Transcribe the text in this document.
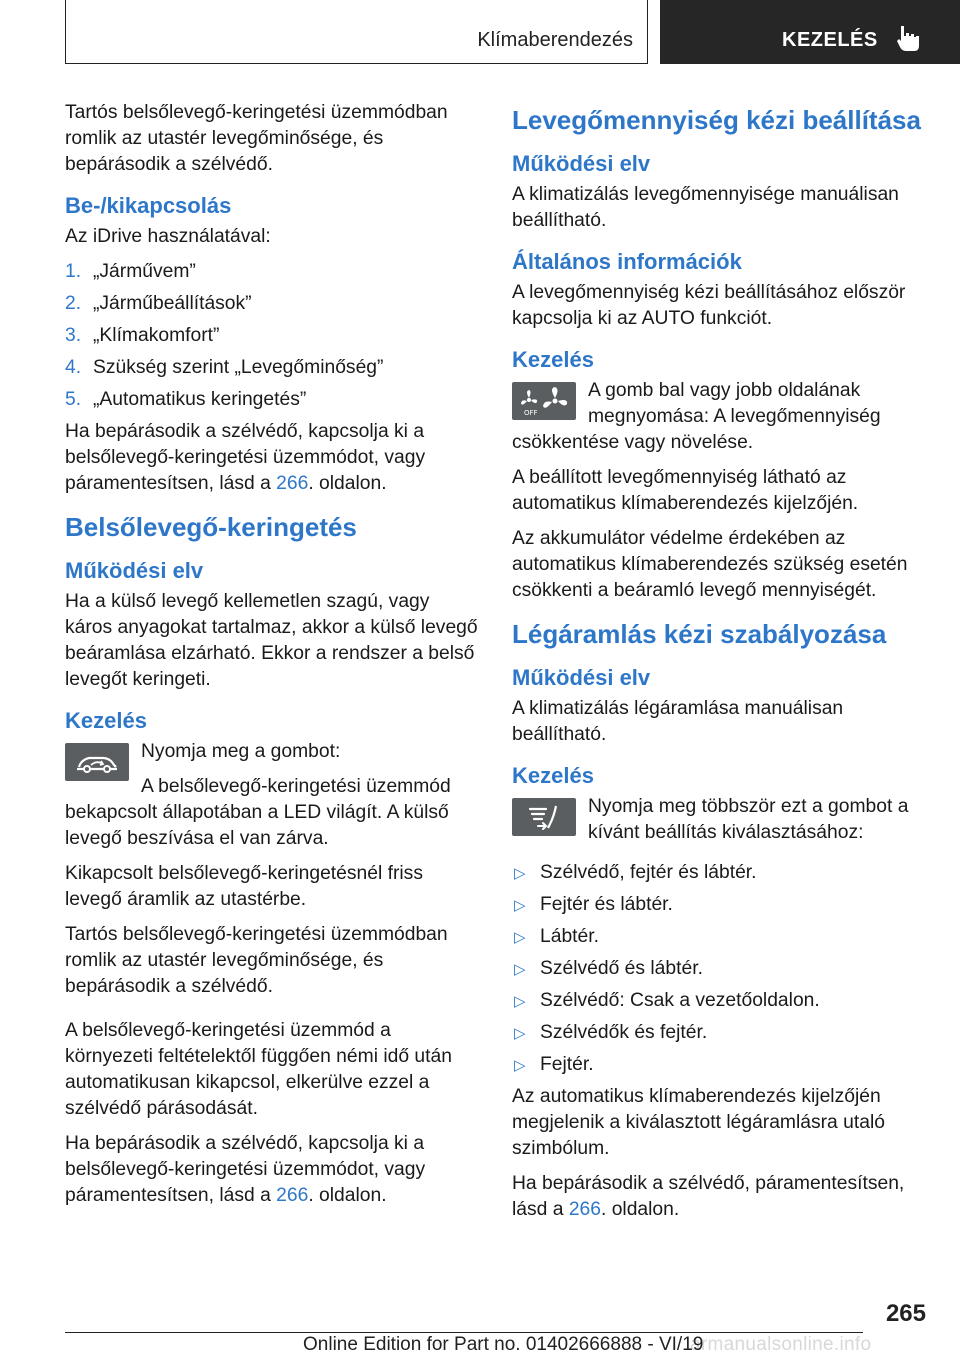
Klímaberendezés	KEZELÉS

Tartós belsőlevegő-keringetési üzemmódban romlik az utastér levegőminősége, és bepárásodik a szélvédő.

Be-/kikapcsolás

Az iDrive használatával:

1. „Járművem”
2. „Járműbeállítások”
3. „Klímakomfort”
4. Szükség szerint „Levegőminőség”
5. „Automatikus keringetés”

Ha bepárásodik a szélvédő, kapcsolja ki a belsőlevegő-keringetési üzemmódot, vagy páramentesítsen, lásd a 266. oldalon.

Belsőlevegő-keringetés
Működési elv

Ha a külső levegő kellemetlen szagú, vagy káros anyagokat tartalmaz, akkor a külső levegő beáramlása elzárható. Ekkor a rendszer a belső levegőt keringeti.

Kezelés

Nyomja meg a gombot:

A belsőlevegő-keringetési üzemmód bekapcsolt állapotában a LED világít. A külső levegő beszívása el van zárva.

Kikapcsolt belsőlevegő-keringetésnél friss levegő áramlik az utastérbe.

Tartós belsőlevegő-keringetési üzemmódban romlik az utastér levegőminősége, és bepárásodik a szélvédő.

A belsőlevegő-keringetési üzemmód a környezeti feltételektől függően némi idő után automatikusan kikapcsol, elkerülve ezzel a szélvédő párásodását.

Ha bepárásodik a szélvédő, kapcsolja ki a belsőlevegő-keringetési üzemmódot, vagy páramentesítsen, lásd a 266. oldalon.

Levegőmennyiség kézi beállítása
Működési elv

A klimatizálás levegőmennyisége manuálisan beállítható.

Általános információk

A levegőmennyiség kézi beállításához először kapcsolja ki az AUTO funkciót.

Kezelés
OFF

A gomb bal vagy jobb oldalának megnyomása: A levegőmennyiség csökkentése vagy növelése.

A beállított levegőmennyiség látható az automatikus klímaberendezés kijelzőjén.

Az akkumulátor védelme érdekében az automatikus klímaberendezés szükség esetén csökkenti a beáramló levegő mennyiségét.

Légáramlás kézi szabályozása
Működési elv

A klimatizálás légáramlása manuálisan beállítható.

Kezelés

Nyomja meg többször ezt a gombot a kívánt beállítás kiválasztásához:

▷ Szélvédő, fejtér és lábtér.
▷ Fejtér és lábtér.
▷ Lábtér.
▷ Szélvédő és lábtér.
▷ Szélvédő: Csak a vezetőoldalon.
▷ Szélvédők és fejtér.
▷ Fejtér.

Az automatikus klímaberendezés kijelzőjén megjelenik a kiválasztott légáramlásra utaló szimbólum.

Ha bepárásodik a szélvédő, páramentesítsen, lásd a 266. oldalon.

265
armanualsonline.info
Online Edition for Part no. 01402666888 - VI/19
